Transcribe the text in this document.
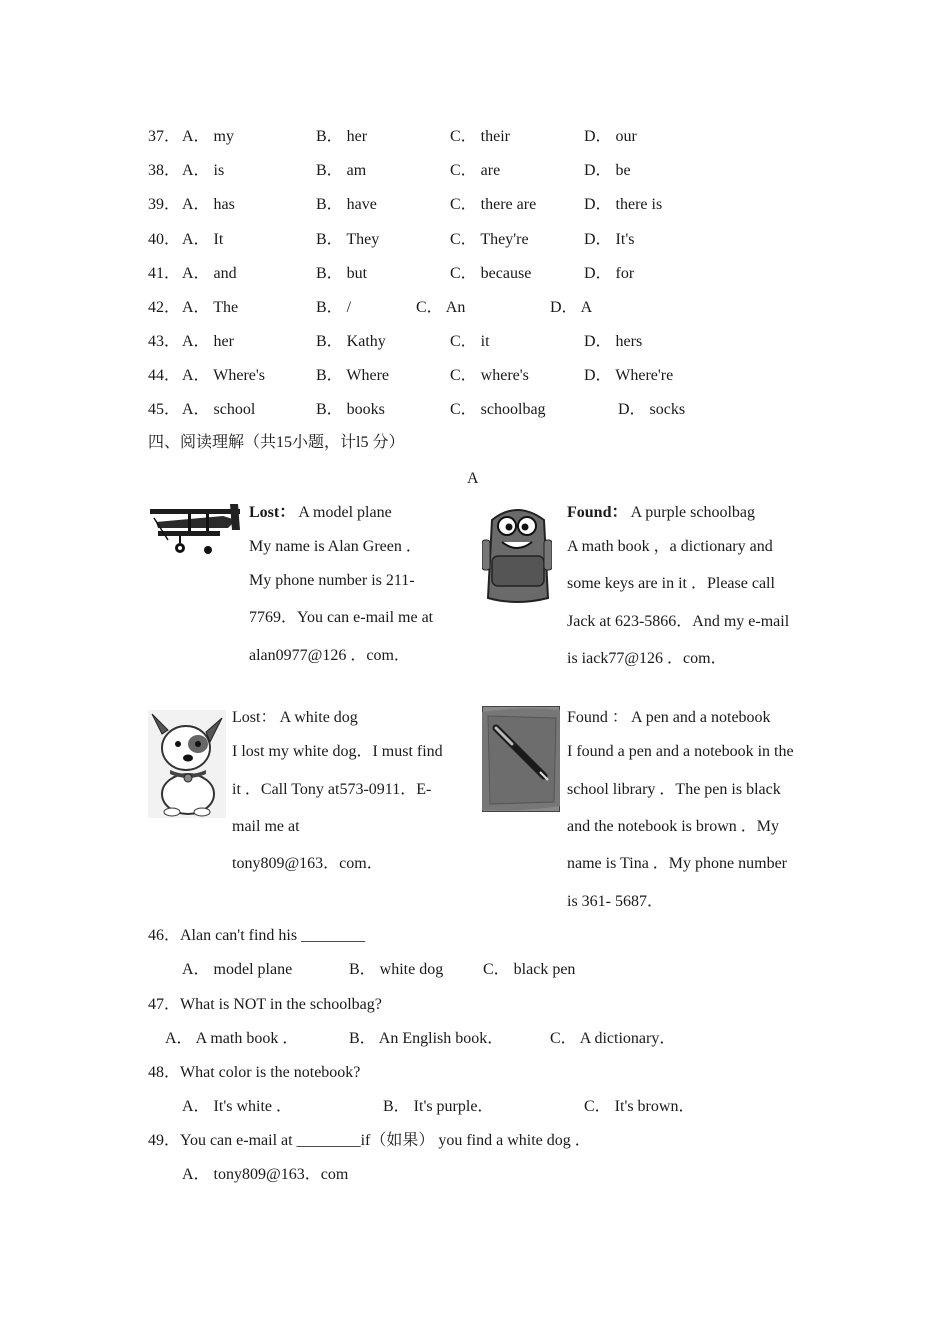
37． A． my	B． her	C． their	D． our
38． A． is	B． am	C． are	D． be
39． A． has	B． have	C． there are	D． there is
40． A． It	B． They	C． They're	D． It's
41． A． and	B． but	C． because	D． for
42． A． The	B． /	C． An	D． A
43． A． her	B． Kathy	C． it	D． hers
44． A． Where's	B． Where	C． where's	D． Where're
45． A． school	B． books	C． schoolbag	D． socks
四、阅读理解（共15小题，计l5 分）
A
Lost： A model plane
My name is Alan Green ．
My phone number is 211-
7769．You can e-mail me at
alan0977@126 ．com．
Found： A purple schoolbag
A math book ，a dictionary and
some keys are in it ．Please call
Jack at 623-5866．And my e-mail
is iack77@126 ．com．
Lost： A white dog
I lost my white dog．I must find
it ．Call Tony at573-0911．E-
mail me at
tony809@163．com．
Found ： A pen and a notebook
I found a pen and a notebook in the
school library ．The pen is black
and the notebook is brown ．My
name is Tina ．My phone number
is 361- 5687．
46．Alan can't find his ________
A． model plane	B． white dog C． black pen
47．What is NOT in the schoolbag?
A． A math book ．	B． An English book．	C． A dictionary．
48．What color is the notebook?
A． It's white ．	B． It's purple．	C． It's brown．
49．You can e-mail at ________if（如果） you find a white dog ．
A． tony809@163．com
